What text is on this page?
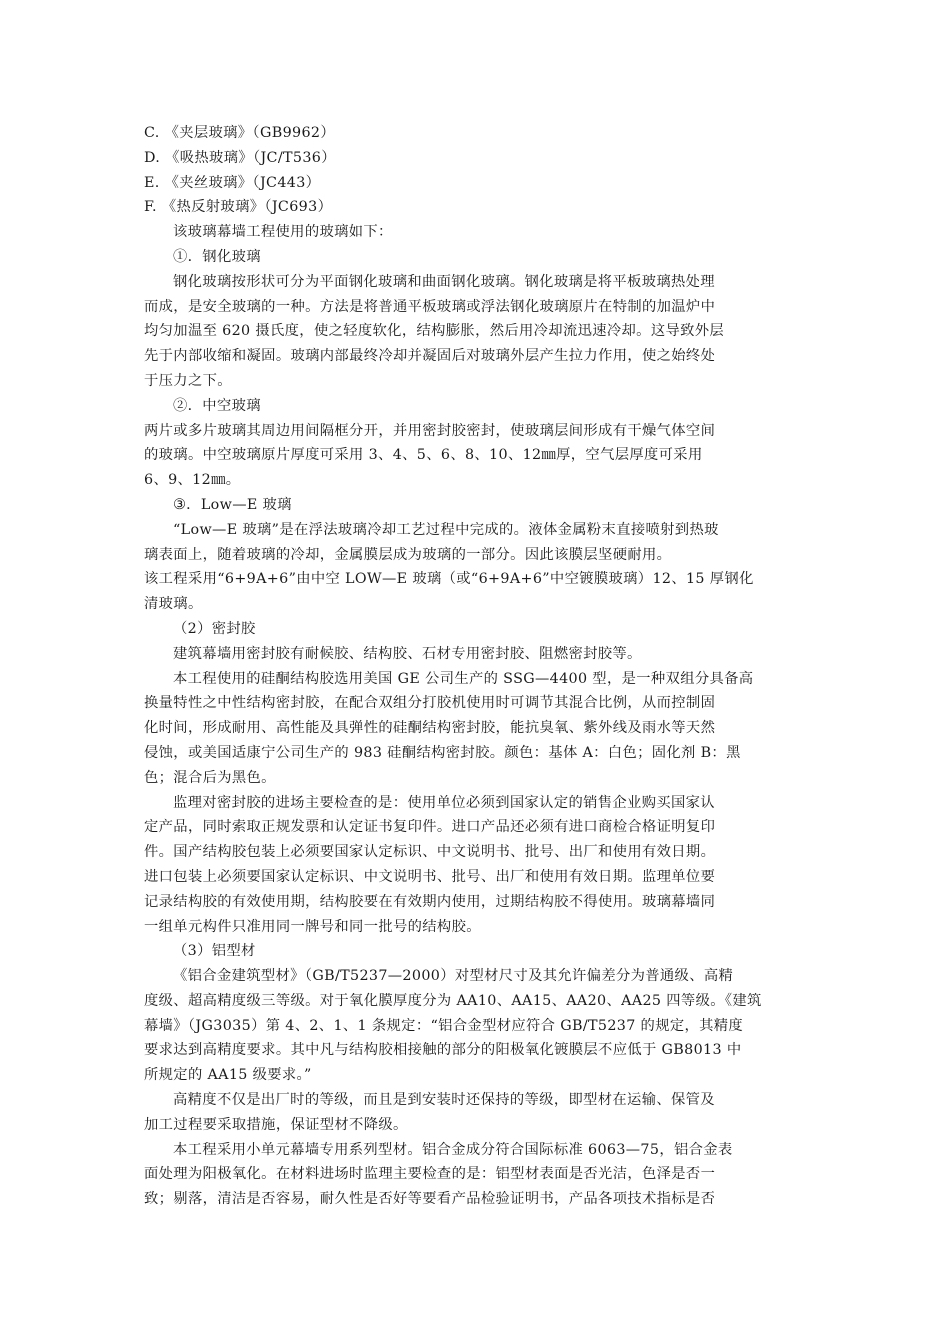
C. 《夹层玻璃》（GB9962）

D. 《吸热玻璃》（JC/T536）

E. 《夹丝玻璃》（JC443）

F. 《热反射玻璃》（JC693）

该玻璃幕墙工程使用的玻璃如下：

①．钢化玻璃

钢化玻璃按形状可分为平面钢化玻璃和曲面钢化玻璃。钢化玻璃是将平板玻璃热处理

而成，是安全玻璃的一种。方法是将普通平板玻璃或浮法钢化玻璃原片在特制的加温炉中

均匀加温至 620 摄氏度，使之轻度软化，结构膨胀，然后用冷却流迅速冷却。这导致外层

先于内部收缩和凝固。玻璃内部最终冷却并凝固后对玻璃外层产生拉力作用，使之始终处

于压力之下。

②．中空玻璃

两片或多片玻璃其周边用间隔框分开，并用密封胶密封，使玻璃层间形成有干燥气体空间

的玻璃。中空玻璃原片厚度可采用 3、4、5、6、8、10、12㎜厚，空气层厚度可采用

6、9、12㎜。

③．Low—E 玻璃

“Low—E 玻璃”是在浮法玻璃冷却工艺过程中完成的。液体金属粉末直接喷射到热玻

璃表面上，随着玻璃的冷却，金属膜层成为玻璃的一部分。因此该膜层坚硬耐用。

该工程采用“6+9A+6”由中空 LOW—E 玻璃（或“6+9A+6”中空镀膜玻璃）12、15 厚钢化

清玻璃。

（2）密封胶

建筑幕墙用密封胶有耐候胶、结构胶、石材专用密封胶、阻燃密封胶等。

本工程使用的硅酮结构胶选用美国 GE 公司生产的 SSG—4400 型，是一种双组分具备高

换量特性之中性结构密封胶，在配合双组分打胶机使用时可调节其混合比例，从而控制固

化时间，形成耐用、高性能及具弹性的硅酮结构密封胶，能抗臭氧、紫外线及雨水等天然

侵蚀，或美国适康宁公司生产的 983 硅酮结构密封胶。颜色：基体 A：白色；固化剂 B：黑

色；混合后为黑色。

监理对密封胶的进场主要检查的是：使用单位必须到国家认定的销售企业购买国家认

定产品，同时索取正规发票和认定证书复印件。进口产品还必须有进口商检合格证明复印

件。国产结构胶包装上必须要国家认定标识、中文说明书、批号、出厂和使用有效日期。

进口包装上必须要国家认定标识、中文说明书、批号、出厂和使用有效日期。监理单位要

记录结构胶的有效使用期，结构胶要在有效期内使用，过期结构胶不得使用。玻璃幕墙同

一组单元构件只准用同一牌号和同一批号的结构胶。

（3）铝型材

《铝合金建筑型材》（GB/T5237—2000）对型材尺寸及其允许偏差分为普通级、高精

度级、超高精度级三等级。对于氧化膜厚度分为 AA10、AA15、AA20、AA25 四等级。《建筑

幕墙》（JG3035）第 4、2、1、1 条规定：“铝合金型材应符合 GB/T5237 的规定，其精度

要求达到高精度要求。其中凡与结构胶相接触的部分的阳极氧化镀膜层不应低于 GB8013 中

所规定的 AA15 级要求。”

高精度不仅是出厂时的等级，而且是到安装时还保持的等级，即型材在运输、保管及

加工过程要采取措施，保证型材不降级。

本工程采用小单元幕墙专用系列型材。铝合金成分符合国际标准 6063—75，铝合金表

面处理为阳极氧化。在材料进场时监理主要检查的是：铝型材表面是否光洁，色泽是否一

致；剔落，清洁是否容易，耐久性是否好等要看产品检验证明书，产品各项技术指标是否
